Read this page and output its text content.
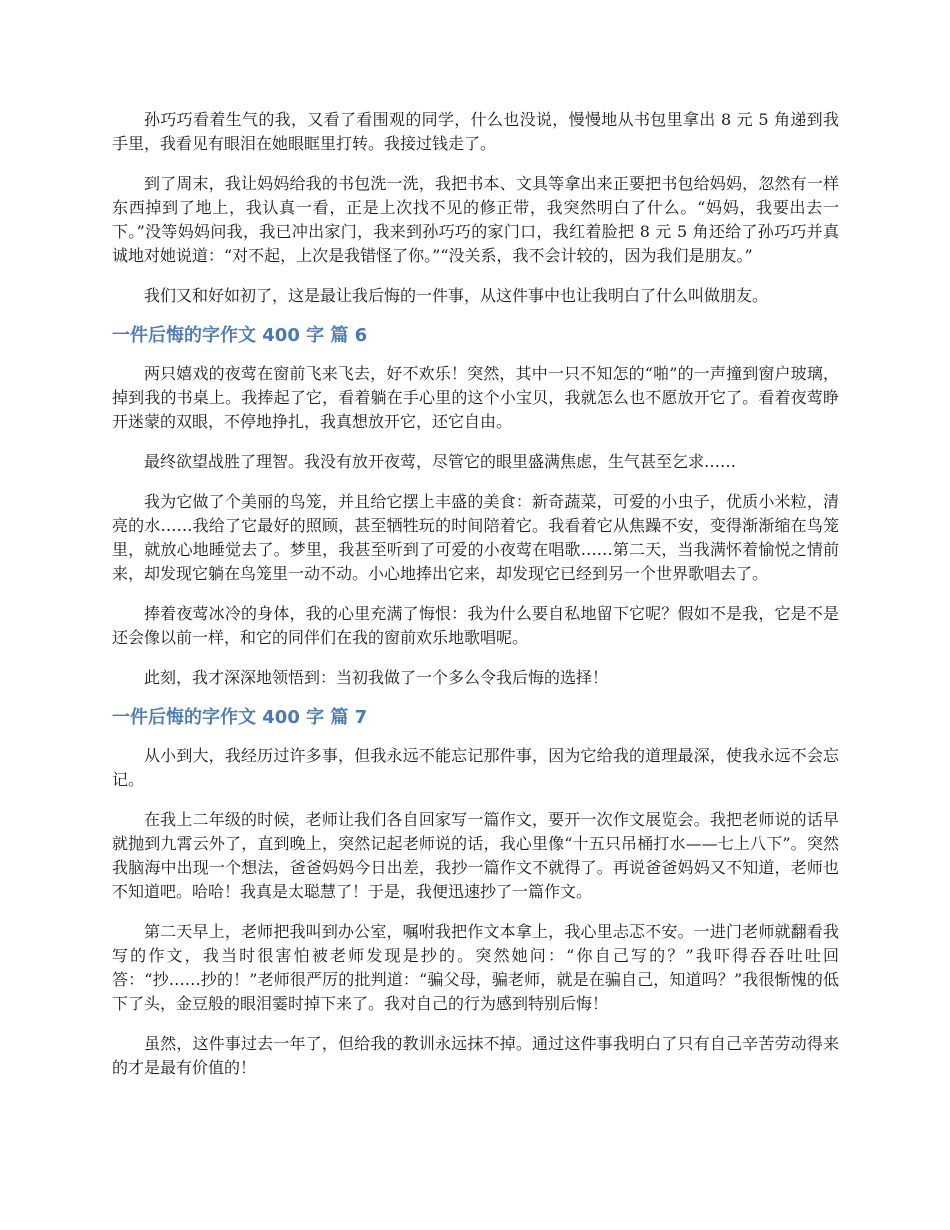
孙巧巧看着生气的我，又看了看围观的同学，什么也没说，慢慢地从书包里拿出 8 元 5 角递到我手里，我看见有眼泪在她眼眶里打转。我接过钱走了。

到了周末，我让妈妈给我的书包洗一洗，我把书本、文具等拿出来正要把书包给妈妈，忽然有一样东西掉到了地上，我认真一看，正是上次找不见的修正带，我突然明白了什么。“妈妈，我要出去一下。”没等妈妈问我，我已冲出家门，我来到孙巧巧的家门口，我红着脸把 8 元 5 角还给了孙巧巧并真诚地对她说道：“对不起，上次是我错怪了你。”“没关系，我不会计较的，因为我们是朋友。”

我们又和好如初了，这是最让我后悔的一件事，从这件事中也让我明白了什么叫做朋友。

一件后悔的字作文 400 字 篇 6

两只嬉戏的夜莺在窗前飞来飞去，好不欢乐！突然，其中一只不知怎的“啪”的一声撞到窗户玻璃，掉到我的书桌上。我捧起了它，看着躺在手心里的这个小宝贝，我就怎么也不愿放开它了。看着夜莺睁开迷蒙的双眼，不停地挣扎，我真想放开它，还它自由。

最终欲望战胜了理智。我没有放开夜莺，尽管它的眼里盛满焦虑，生气甚至乞求……

我为它做了个美丽的鸟笼，并且给它摆上丰盛的美食：新奇蔬菜，可爱的小虫子，优质小米粒，清亮的水……我给了它最好的照顾，甚至牺牲玩的时间陪着它。我看着它从焦躁不安，变得渐渐缩在鸟笼里，就放心地睡觉去了。梦里，我甚至听到了可爱的小夜莺在唱歌……第二天，当我满怀着愉悦之情前来，却发现它躺在鸟笼里一动不动。小心地捧出它来，却发现它已经到另一个世界歌唱去了。

捧着夜莺冰冷的身体，我的心里充满了悔恨：我为什么要自私地留下它呢？假如不是我，它是不是还会像以前一样，和它的同伴们在我的窗前欢乐地歌唱呢。

此刻，我才深深地领悟到：当初我做了一个多么令我后悔的选择！

一件后悔的字作文 400 字 篇 7

从小到大，我经历过许多事，但我永远不能忘记那件事，因为它给我的道理最深，使我永远不会忘记。

在我上二年级的时候，老师让我们各自回家写一篇作文，要开一次作文展览会。我把老师说的话早就抛到九霄云外了，直到晚上，突然记起老师说的话，我心里像“十五只吊桶打水——七上八下”。突然我脑海中出现一个想法，爸爸妈妈今日出差，我抄一篇作文不就得了。再说爸爸妈妈又不知道，老师也不知道吧。哈哈！我真是太聪慧了！于是，我便迅速抄了一篇作文。

第二天早上，老师把我叫到办公室，嘱咐我把作文本拿上，我心里忐忑不安。一进门老师就翻看我写的作文，我当时很害怕被老师发现是抄的。突然她问：“你自己写的？”我吓得吞吞吐吐回答：“抄……抄的！”老师很严厉的批判道：“骗父母，骗老师，就是在骗自己，知道吗？”我很惭愧的低下了头，金豆般的眼泪霎时掉下来了。我对自己的行为感到特别后悔！

虽然，这件事过去一年了，但给我的教训永远抹不掉。通过这件事我明白了只有自己辛苦劳动得来的才是最有价值的！
